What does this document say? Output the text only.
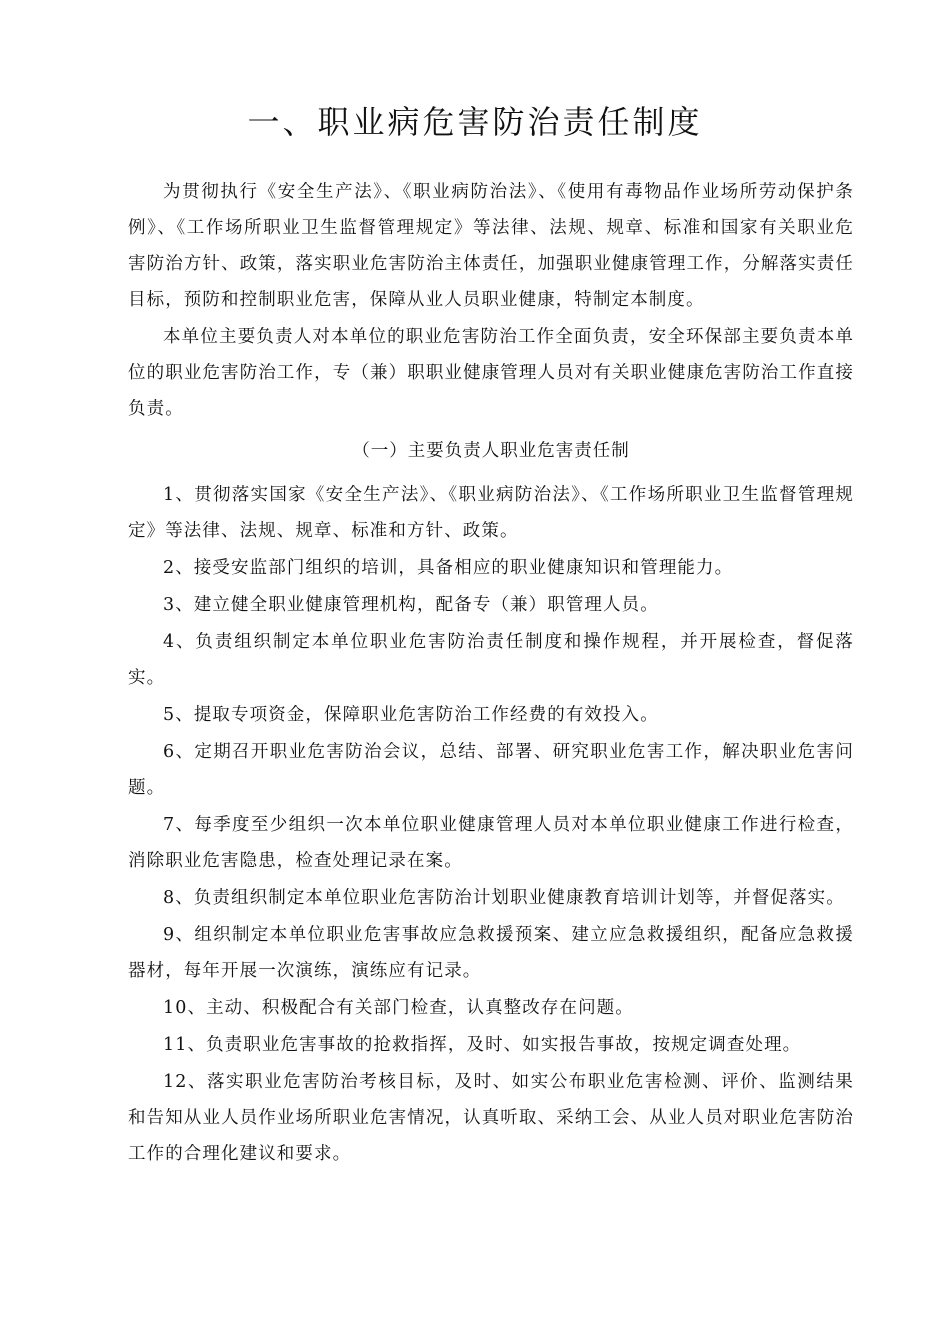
一、职业病危害防治责任制度

为贯彻执行《安全生产法》、《职业病防治法》、《使用有毒物品作业场所劳动保护条例》、《工作场所职业卫生监督管理规定》等法律、法规、规章、标准和国家有关职业危害防治方针、政策，落实职业危害防治主体责任，加强职业健康管理工作，分解落实责任目标，预防和控制职业危害，保障从业人员职业健康，特制定本制度。

本单位主要负责人对本单位的职业危害防治工作全面负责，安全环保部主要负责本单位的职业危害防治工作，专（兼）职职业健康管理人员对有关职业健康危害防治工作直接负责。

（一）主要负责人职业危害责任制

1、贯彻落实国家《安全生产法》、《职业病防治法》、《工作场所职业卫生监督管理规定》等法律、法规、规章、标准和方针、政策。

2、接受安监部门组织的培训，具备相应的职业健康知识和管理能力。

3、建立健全职业健康管理机构，配备专（兼）职管理人员。

4、负责组织制定本单位职业危害防治责任制度和操作规程，并开展检查，督促落实。

5、提取专项资金，保障职业危害防治工作经费的有效投入。

6、定期召开职业危害防治会议，总结、部署、研究职业危害工作，解决职业危害问题。

7、每季度至少组织一次本单位职业健康管理人员对本单位职业健康工作进行检查，消除职业危害隐患，检查处理记录在案。

8、负责组织制定本单位职业危害防治计划职业健康教育培训计划等，并督促落实。

9、组织制定本单位职业危害事故应急救援预案、建立应急救援组织，配备应急救援器材，每年开展一次演练，演练应有记录。

10、主动、积极配合有关部门检查，认真整改存在问题。

11、负责职业危害事故的抢救指挥，及时、如实报告事故，按规定调查处理。

12、落实职业危害防治考核目标，及时、如实公布职业危害检测、评价、监测结果和告知从业人员作业场所职业危害情况，认真听取、采纳工会、从业人员对职业危害防治工作的合理化建议和要求。
